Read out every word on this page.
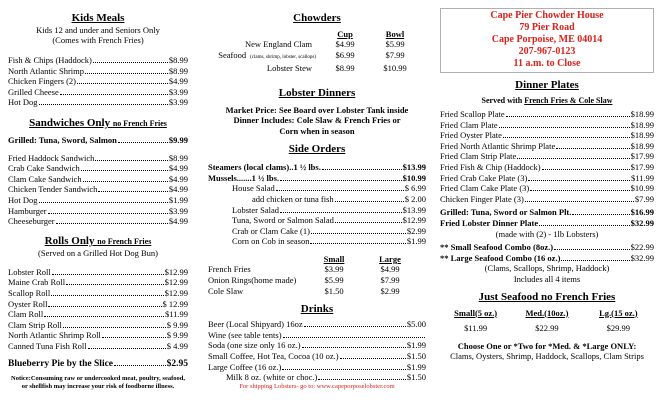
Kids Meals
Kids 12 and under and Seniors Only
(Comes with French Fries)
Fish & Chips (Haddock)	$8.99
North Atlantic Shrimp	$8.99
Chicken Fingers (2)	$4.99
Grilled Cheese	$3.99
Hot Dog	$3.99
Sandwiches Only no French Fries
Grilled: Tuna, Sword, Salmon	$9.99
Fried Haddock Sandwich	$8.99
Crab Cake Sandwich	$4.99
Clam Cake Sandwich	$4.99
Chicken Tender Sandwich	$4.99
Hot Dog	$1.99
Hamburger	$3.99
Cheeseburger	$4.99
Rolls Only no French Fries
(Served on a Grilled Hot Dog Bun)
Lobster Roll	$12.99
Maine Crab Roll	$12.99
Scallop Roll	$12.99
Oyster Roll	$ 12.99
Clam Roll	$11.99
Clam Strip Roll	$ 9.99
North Atlantic Shrimp Roll	$ 9.99
Canned Tuna Fish Roll	$ 4.99
Blueberry Pie by the Slice	$2.95
Notice:Consuming raw or undercooked meat, poultry, seafood, or shellfish may increase your risk of foodborne illness.
Chowders
Cup	Bowl
New England Clam	$4.99	$5.99
Seafood (clams, shrimp, lobster, scallops)	$6.99	$7.99
Lobster Stew	$8.99	$10.99
Lobster Dinners
Market Price: See Board over Lobster Tank inside
Dinner Includes: Cole Slaw & French Fries or
Corn when in season
Side Orders
Steamers (local clams)..1 ½ lbs.	$13.99
Mussels.......1 ½ lbs.	$10.99
House Salad	$ 6.99
add chicken or tuna fish	$ 2.00
Lobster Salad	$13.99
Tuna, Sword or Salmon Salad	$12.99
Crab or Clam Cake (1)	$2.99
Corn on Cob in season	$1.99
Small	Large
French Fries	$3.99	$4.99
Onion Rings(home made)	$5.99	$7.99
Cole Slaw	$1.50	$2.99
Drinks
Beer (Local Shipyard) 16oz	$5.00
Wine (see table tents)
Soda (one size only 16 oz.)	$1.99
Small Coffee, Hot Tea, Cocoa (10 oz.)	$1.50
Large Coffee (16 oz.)	$1.99
Milk 8 oz. (white or choc.)	$1.50
For shipping Lobsters- go to: www.capeporposelobster.com
Cape Pier Chowder House
79 Pier Road
Cape Porpoise, ME 04014
207-967-0123
11 a.m. to Close
Dinner Plates
Served with French Fries & Cole Slaw
Fried Scallop Plate	$18.99
Fried Clam Plate	$18.99
Fried Oyster Plate	$18.99
Fried North Atlantic Shrimp Plate	$18.99
Fried Clam Strip Plate	$17.99
Fried Fish & Chip (Haddock)	$17.99
Fried Crab Cake Plate (3)	$11.99
Fried Clam Cake Plate (3)	$10.99
Chicken Finger Plate (3)	$7.99
Grilled: Tuna, Sword or Salmon Plt.	$16.99
Fried Lobster Dinner Plate	$32.99
(made with (2) - 1lb Lobsters)
** Small Seafood Combo (8oz.)	$22.99
** Large Seafood Combo (16 oz.)	$32.99
(Clams, Scallops, Shrimp, Haddock)
Includes all 4 items
Just Seafood no French Fries
Small(5 oz.)	Med.(10oz.)	Lg.(15 oz.)
$11.99	$22.99	$29.99
Choose One or *Two for *Med. & *Large ONLY:
Clams, Oysters, Shrimp, Haddock, Scallops, Clam Strips
